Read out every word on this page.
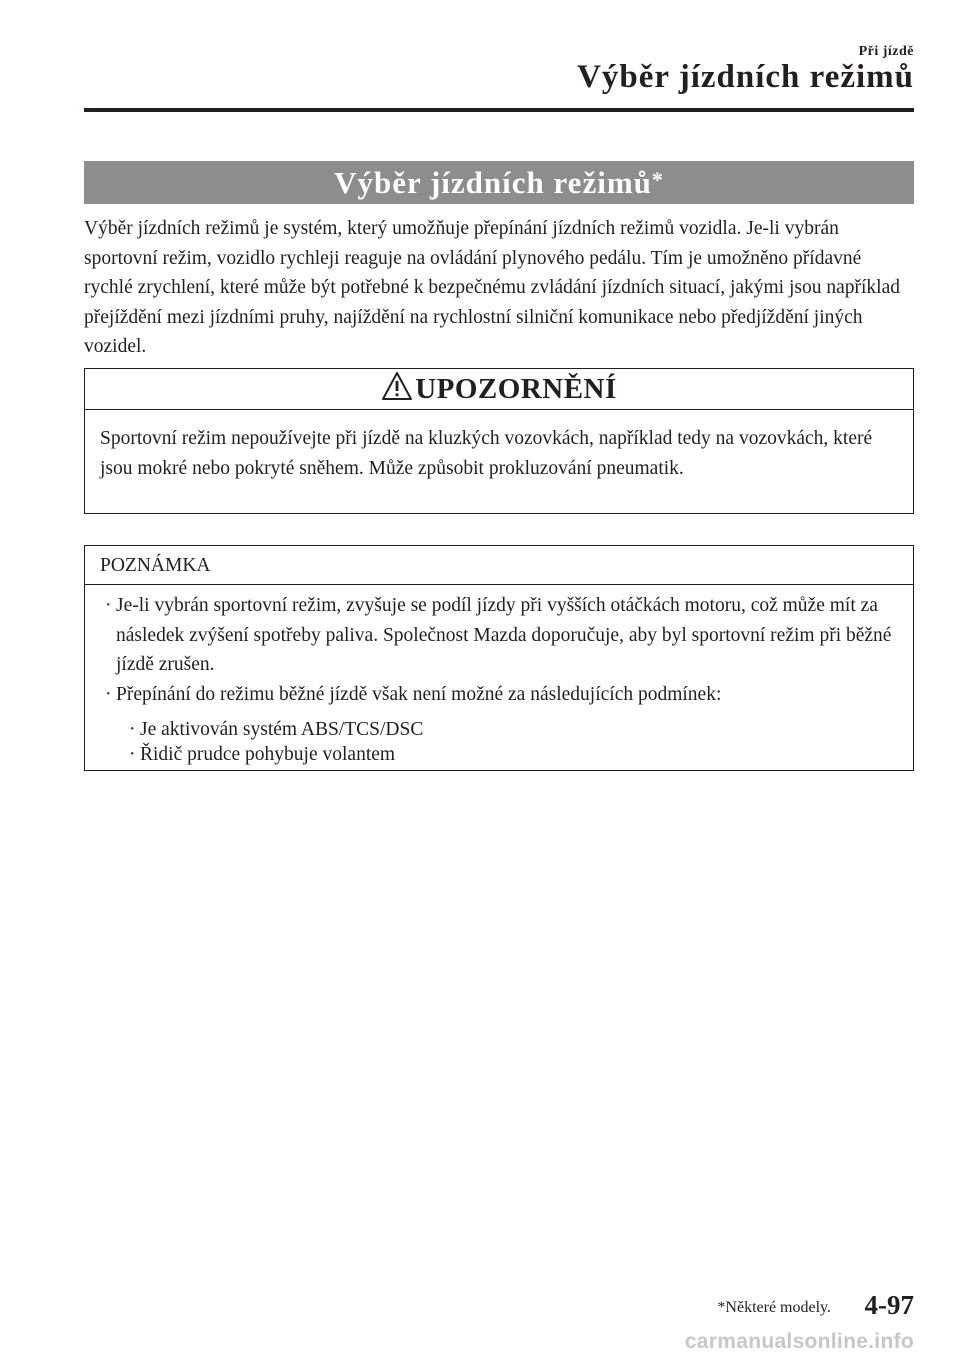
Při jízdě
Výběr jízdních režimů
Výběr jízdních režimů*

Výběr jízdních režimů je systém, který umožňuje přepínání jízdních režimů vozidla. Je-li vybrán sportovní režim, vozidlo rychleji reaguje na ovládání plynového pedálu. Tím je umožněno přídavné rychlé zrychlení, které může být potřebné k bezpečnému zvládání jízdních situací, jakými jsou například přejíždění mezi jízdními pruhy, najíždění na rychlostní silniční komunikace nebo předjíždění jiných vozidel.

UPOZORNĚNÍ

Sportovní režim nepoužívejte při jízdě na kluzkých vozovkách, například tedy na vozovkách, které jsou mokré nebo pokryté sněhem. Může způsobit prokluzování pneumatik.

POZNÁMKA
· Je-li vybrán sportovní režim, zvyšuje se podíl jízdy při vyšších otáčkách motoru, což může mít za následek zvýšení spotřeby paliva. Společnost Mazda doporučuje, aby byl sportovní režim při běžné jízdě zrušen.
· Přepínání do režimu běžné jízdě však není možné za následujících podmínek:
· Je aktivován systém ABS/TCS/DSC
· Řidič prudce pohybuje volantem
*Některé modely. 4-97
carmanualsonline.info
